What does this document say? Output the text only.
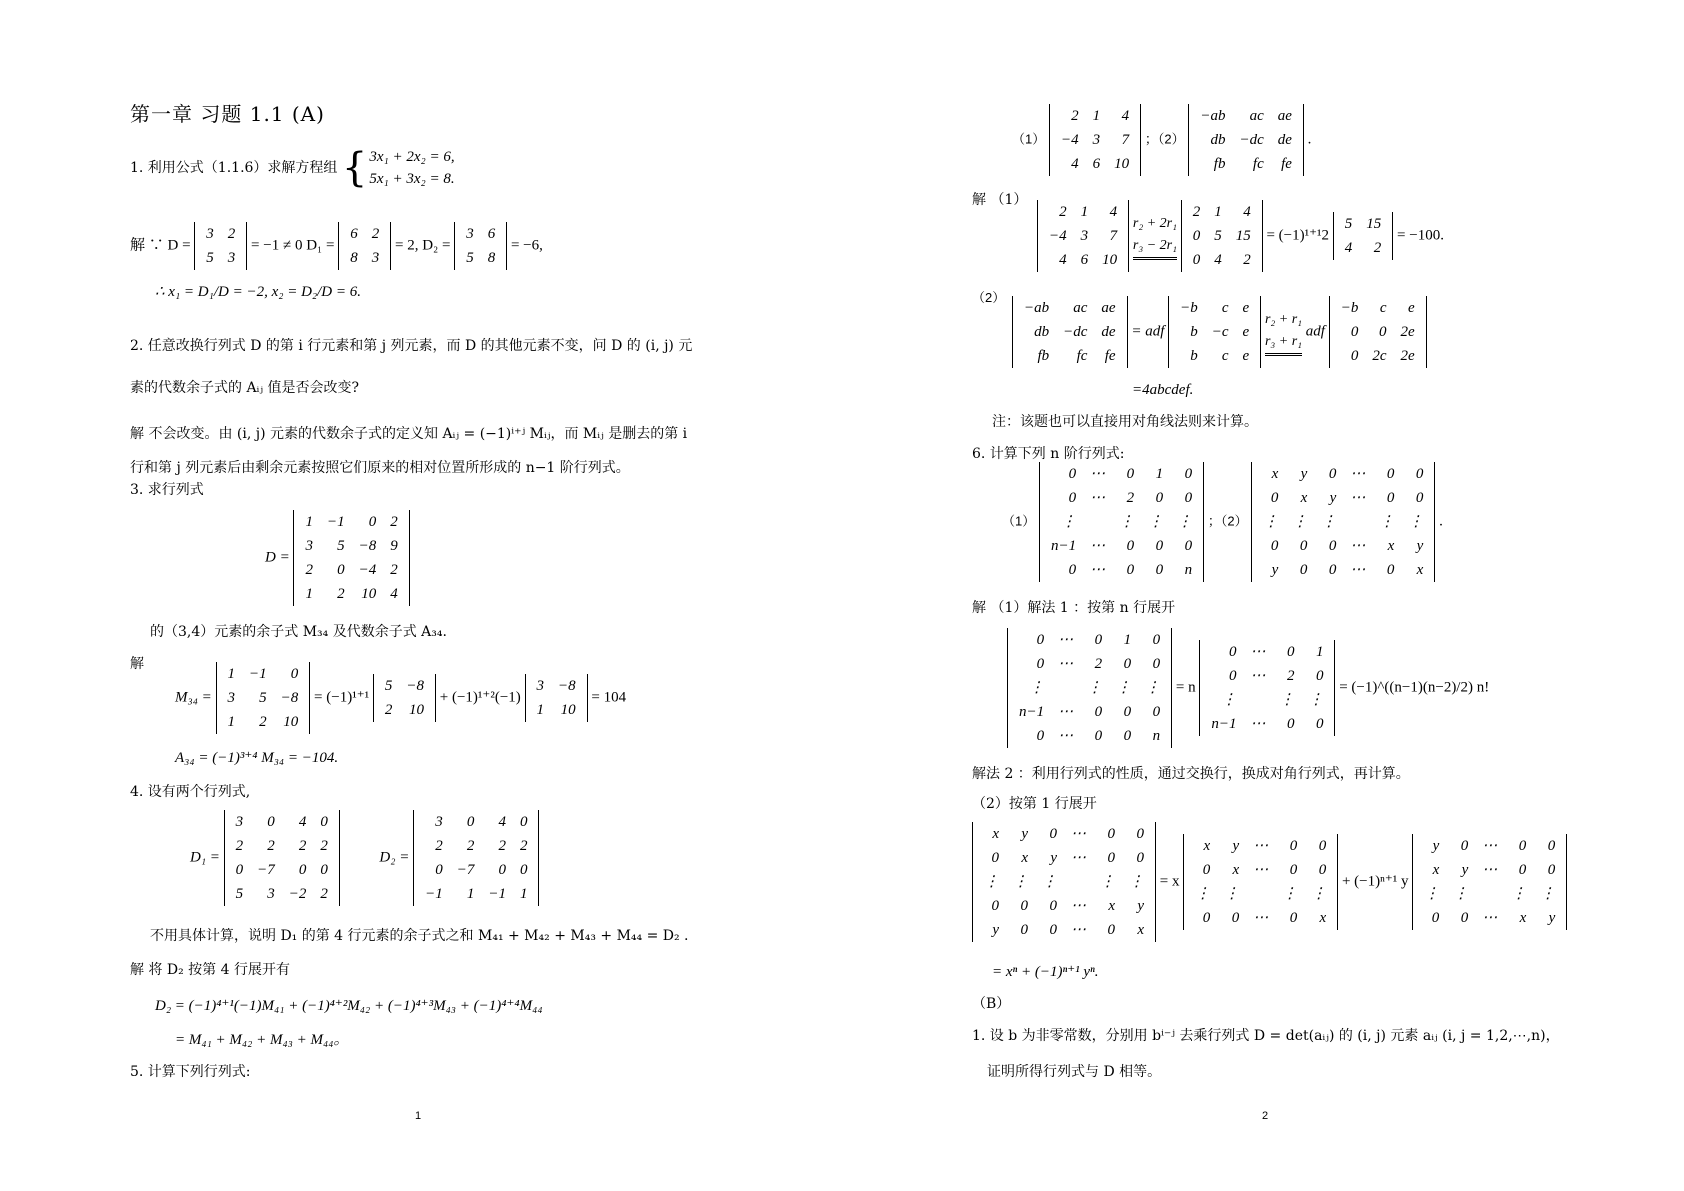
第一章 习题 1.1 (A)
1. 利用公式（1.1.6）求解方程组 { 3x₁ + 2x₂ = 6,
5x₁ + 3x₂ = 8.
解 ∵ D =
3	2
5	3
= −1 ≠ 0 D₁ =
6	2
8	3
= 2, D₂ =
3	6
5	8
= −6,
∴ x₁ = D₁/D = −2, x₂ = D₂/D = 6.
2. 任意改换行列式 D 的第 i 行元素和第 j 列元素，而 D 的其他元素不变，问 D 的 (i, j) 元
素的代数余子式的 Aᵢⱼ 值是否会改变?
解 不会改变。由 (i, j) 元素的代数余子式的定义知 Aᵢⱼ = (−1)ⁱ⁺ʲ Mᵢⱼ，而 Mᵢⱼ 是删去的第 i
行和第 j 列元素后由剩余元素按照它们原来的相对位置所形成的 n−1 阶行列式。
3. 求行列式
D =
1	−1	0	2
3	5	−8	9
2	0	−4	2
1	2	10	4
的（3,4）元素的余子式 M₃₄ 及代数余子式 A₃₄.
解
M₃₄ =
1	−1	0
3	5	−8
1	2	10
= (−1)¹⁺¹
5	−8
2	10
+ (−1)¹⁺²(−1)
3	−8
1	10
= 104
A₃₄ = (−1)³⁺⁴ M₃₄ = −104.
4. 设有两个行列式,
D₁ =
3	0	4	0
2	2	2	2
0	−7	0	0
5	3	−2	2
D₂ =
3	0	4	0
2	2	2	2
0	−7	0	0
−1	1	−1	1
不用具体计算，说明 D₁ 的第 4 行元素的余子式之和 M₄₁ + M₄₂ + M₄₃ + M₄₄ = D₂ .
解 将 D₂ 按第 4 行展开有
D₂ = (−1)⁴⁺¹(−1)M₄₁ + (−1)⁴⁺²M₄₂ + (−1)⁴⁺³M₄₃ + (−1)⁴⁺⁴M₄₄
= M₄₁ + M₄₂ + M₄₃ + M₄₄。
5. 计算下列行列式:
1
（1）
2	1	4
−4	3	7
4	6	10
；（2）
−ab	ac	ae
db	−dc	de
fb	fc	fe
.
解 （1）
2	1	4
−4	3	7
4	6	10

r₂ + 2r₁
r₃ − 2r₁

2	1	4
0	5	15
0	4	2
= (−1)¹⁺¹2
5	15
4	2
= −100.
（2）
−ab	ac	ae
db	−dc	de
fb	fc	fe
= adf
−b	c	e
b	−c	e
b	c	e

r₂ + r₁
r₃ + r₁
adf
−b	c	e
0	0	2e
0	2c	2e
=4abcdef.
注：该题也可以直接用对角线法则来计算。
6. 计算下列 n 阶行列式:
（1）
0	⋯	0	1	0
0	⋯	2	0	0
⋮		⋮	⋮	⋮
n−1	⋯	0	0	0
0	⋯	0	0	n
；（2）
x	y	0	⋯	0	0
0	x	y	⋯	0	0
⋮	⋮	⋮		⋮	⋮
0	0	0	⋯	x	y
y	0	0	⋯	0	x
.
解 （1）解法 1 ：按第 n 行展开
0	⋯	0	1	0
0	⋯	2	0	0
⋮		⋮	⋮	⋮
n−1	⋯	0	0	0
0	⋯	0	0	n
= n
0	⋯	0	1
0	⋯	2	0
⋮		⋮	⋮
n−1	⋯	0	0
= (−1)^((n−1)(n−2)/2) n!
解法 2 ：利用行列式的性质，通过交换行，换成对角行列式，再计算。
（2）按第 1 行展开
x	y	0	⋯	0	0
0	x	y	⋯	0	0
⋮	⋮	⋮		⋮	⋮
0	0	0	⋯	x	y
y	0	0	⋯	0	x
= x
x	y	⋯	0	0
0	x	⋯	0	0
⋮	⋮		⋮	⋮
0	0	⋯	0	x
+ (−1)ⁿ⁺¹ y
y	0	⋯	0	0
x	y	⋯	0	0
⋮	⋮		⋮	⋮
0	0	⋯	x	y
= xⁿ + (−1)ⁿ⁺¹ yⁿ.
（B）
1. 设 b 为非零常数，分别用 bⁱ⁻ʲ 去乘行列式 D = det(aᵢⱼ) 的 (i, j) 元素 aᵢⱼ (i, j = 1,2,⋯,n)，
证明所得行列式与 D 相等。
2
